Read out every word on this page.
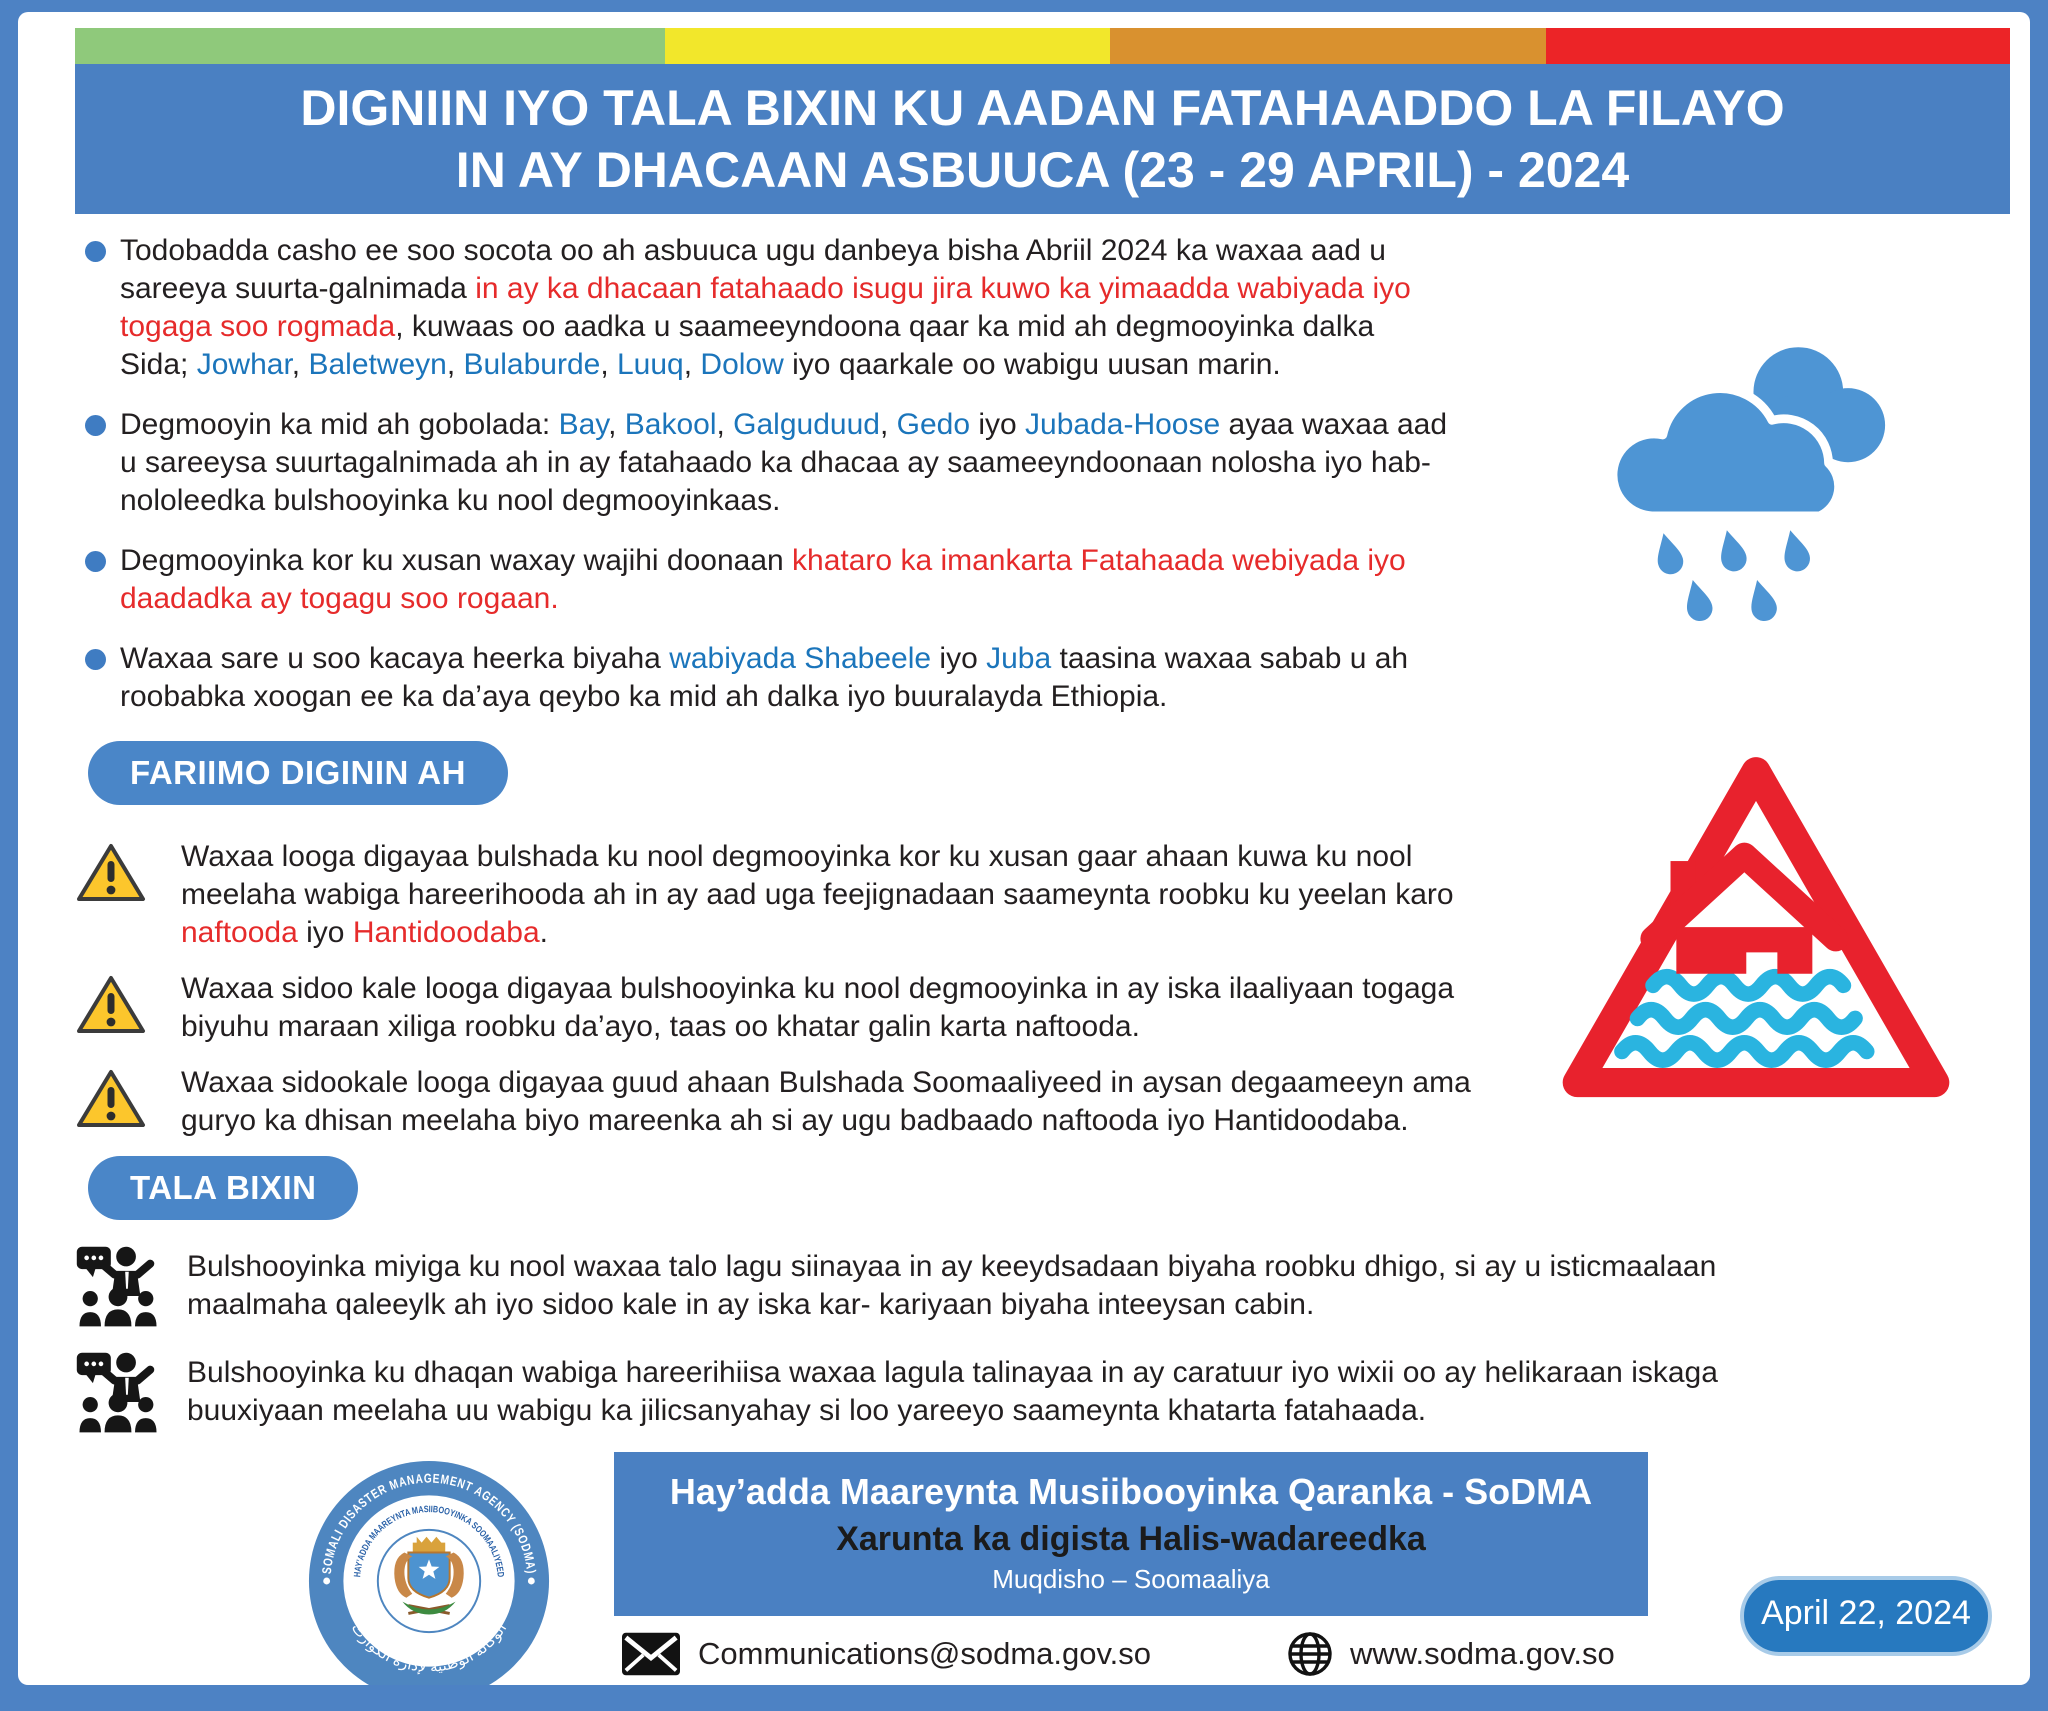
DIGNIIN IYO TALA BIXIN KU AADAN FATAHAADDO LA FILAYO
IN AY DHACAAN ASBUUCA (23 - 29 APRIL) - 2024

Todobadda casho ee soo socota oo ah asbuuca ugu danbeya bisha Abriil 2024 ka waxaa aad u sareeya suurta-galnimada in ay ka dhacaan fatahaado isugu jira kuwo ka yimaadda wabiyada iyo togaga soo rogmada, kuwaas oo aadka u saameeyndoona qaar ka mid ah degmooyinka dalka Sida; Jowhar, Baletweyn, Bulaburde, Luuq, Dolow iyo qaarkale oo wabigu uusan marin.

Degmooyin ka mid ah gobolada: Bay, Bakool, Galguduud, Gedo iyo Jubada-Hoose ayaa waxaa aad u sareeysa suurtagalnimada ah in ay fatahaado ka dhacaa ay saameeyndoonaan nolosha iyo hab-nololeedka bulshooyinka ku nool degmooyinkaas.

Degmooyinka kor ku xusan waxay wajihi doonaan khataro ka imankarta Fatahaada webiyada iyo daadadka ay togagu soo rogaan.

Waxaa sare u soo kacaya heerka biyaha wabiyada Shabeele iyo Juba taasina waxaa sabab u ah roobabka xoogan ee ka da’aya qeybo ka mid ah dalka iyo buuralayda Ethiopia.

FARIIMO DIGININ AH

Waxaa looga digayaa bulshada ku nool degmooyinka kor ku xusan gaar ahaan kuwa ku nool meelaha wabiga hareerihooda ah in ay aad uga feejignadaan saameynta roobku ku yeelan karo naftooda iyo Hantidoodaba.

Waxaa sidoo kale looga digayaa bulshooyinka ku nool degmooyinka in ay iska ilaaliyaan togaga biyuhu maraan xiliga roobku da’ayo, taas oo khatar galin karta naftooda.

Waxaa sidookale looga digayaa guud ahaan Bulshada Soomaaliyeed in aysan degaameeyn ama guryo ka dhisan meelaha biyo mareenka ah si ay ugu badbaado naftooda iyo Hantidoodaba.

TALA BIXIN

Bulshooyinka miyiga ku nool waxaa talo lagu siinayaa in ay keeydsadaan biyaha roobku dhigo, si ay u isticmaalaan maalmaha qaleeylk ah iyo sidoo kale in ay iska kar- kariyaan biyaha inteeysan cabin.

Bulshooyinka ku dhaqan wabiga hareerihiisa waxaa lagula talinayaa in ay caratuur iyo wixii oo ay helikaraan iskaga buuxiyaan meelaha uu wabigu ka jilicsanyahay si loo yareeyo saameynta khatarta fatahaada.

SOMALI DISASTER MANAGEMENT AGENCY (SODMA)
الوكالة الوطنية لإدارة الكوارث
HAY’ADDA MAAREYNTA MASIIBOOYINKA SOOMAALIYEED
Hay’adda Maareynta Musiibooyinka Qaranka - SoDMA
Xarunta ka digista Halis-wadareedka
Muqdisho – Soomaaliya
Communications@sodma.gov.so	www.sodma.gov.so
April 22, 2024
